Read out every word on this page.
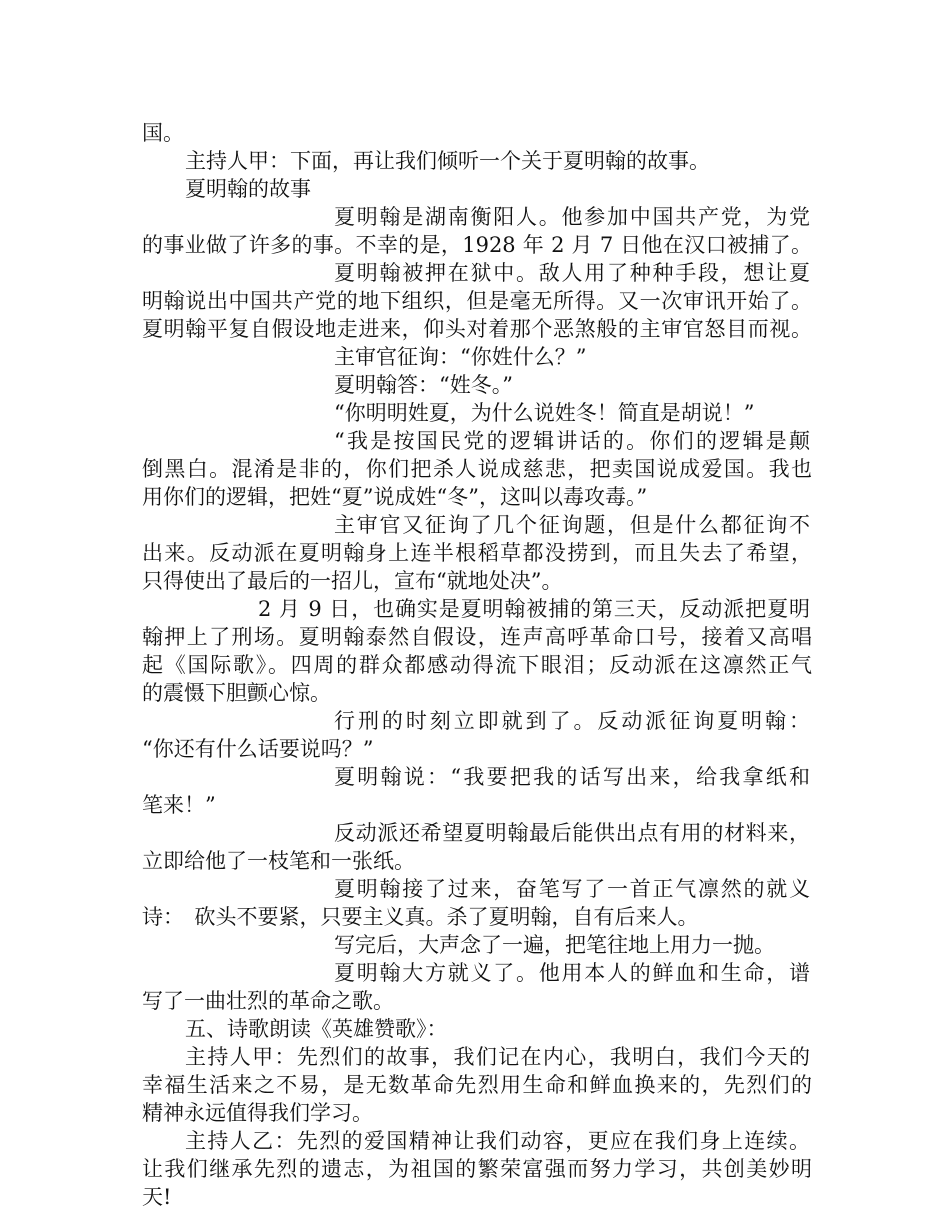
国。
主持人甲：下面，再让我们倾听一个关于夏明翰的故事。
夏明翰的故事
夏明翰是湖南衡阳人。他参加中国共产党，为党
的事业做了许多的事。不幸的是，1928 年 2 月 7 日他在汉口被捕了。
夏明翰被押在狱中。敌人用了种种手段，想让夏
明翰说出中国共产党的地下组织，但是毫无所得。又一次审讯开始了。
夏明翰平复自假设地走进来，仰头对着那个恶煞般的主审官怒目而视。
主审官征询：“你姓什么？”
夏明翰答：“姓冬。”
“你明明姓夏，为什么说姓冬！简直是胡说！”
“我是按国民党的逻辑讲话的。你们的逻辑是颠
倒黑白。混淆是非的，你们把杀人说成慈悲，把卖国说成爱国。我也
用你们的逻辑，把姓“夏”说成姓“冬”，这叫以毒攻毒。”
主审官又征询了几个征询题，但是什么都征询不
出来。反动派在夏明翰身上连半根稻草都没捞到，而且失去了希望，
只得使出了最后的一招儿，宣布“就地处决”。
2 月 9 日，也确实是夏明翰被捕的第三天，反动派把夏明
翰押上了刑场。夏明翰泰然自假设，连声高呼革命口号，接着又高唱
起《国际歌》。四周的群众都感动得流下眼泪；反动派在这凛然正气
的震慑下胆颤心惊。
行刑的时刻立即就到了。反动派征询夏明翰：
“你还有什么话要说吗？”
夏明翰说：“我要把我的话写出来，给我拿纸和
笔来！”
反动派还希望夏明翰最后能供出点有用的材料来，
立即给他了一枝笔和一张纸。
夏明翰接了过来，奋笔写了一首正气凛然的就义
诗：　砍头不要紧，只要主义真。杀了夏明翰，自有后来人。
写完后，大声念了一遍，把笔往地上用力一抛。
夏明翰大方就义了。他用本人的鲜血和生命，谱
写了一曲壮烈的革命之歌。
五、诗歌朗读《英雄赞歌》：
主持人甲：先烈们的故事，我们记在内心，我明白，我们今天的
幸福生活来之不易，是无数革命先烈用生命和鲜血换来的，先烈们的
精神永远值得我们学习。
主持人乙：先烈的爱国精神让我们动容，更应在我们身上连续。
让我们继承先烈的遗志，为祖国的繁荣富强而努力学习，共创美妙明
天!
